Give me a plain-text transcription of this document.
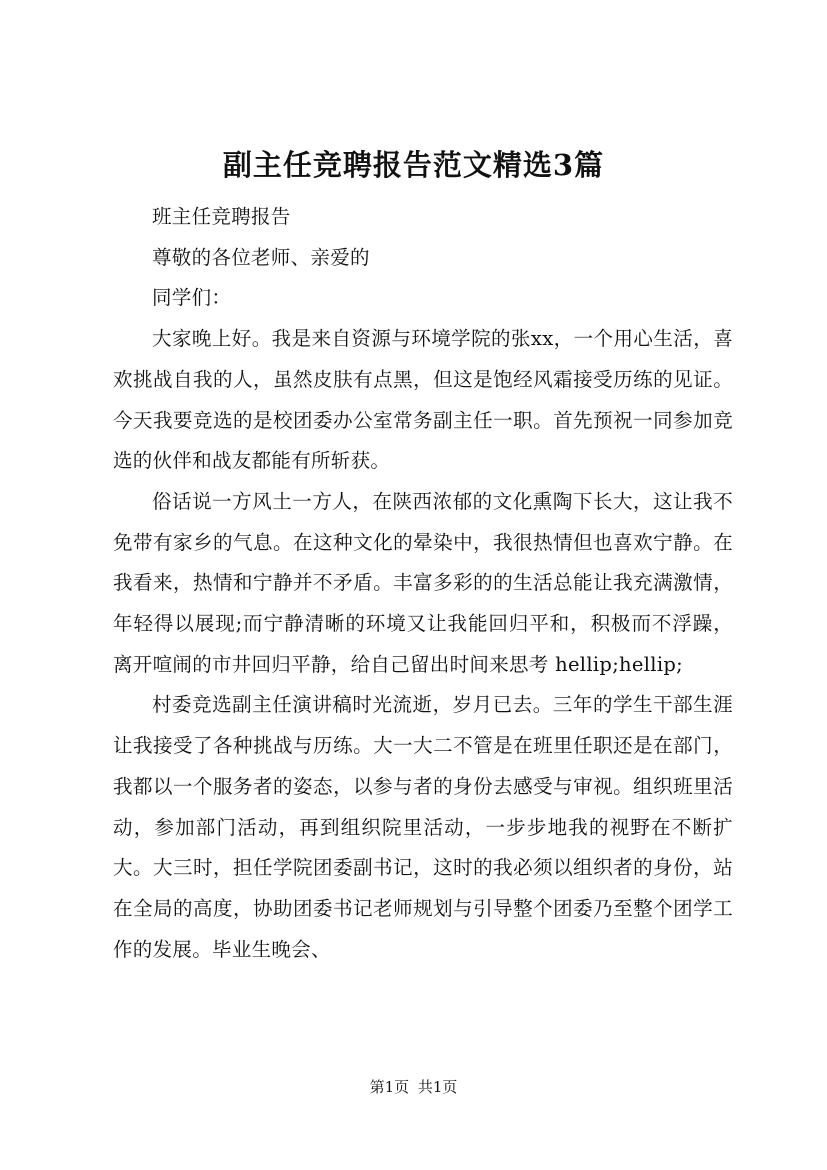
副主任竞聘报告范文精选3篇

班主任竞聘报告

尊敬的各位老师、亲爱的

同学们：

大家晚上好。我是来自资源与环境学院的张xx，一个用心生活，喜欢挑战自我的人，虽然皮肤有点黑，但这是饱经风霜接受历练的见证。今天我要竞选的是校团委办公室常务副主任一职。首先预祝一同参加竞选的伙伴和战友都能有所斩获。

俗话说一方风土一方人，在陕西浓郁的文化熏陶下长大，这让我不免带有家乡的气息。在这种文化的晕染中，我很热情但也喜欢宁静。在我看来，热情和宁静并不矛盾。丰富多彩的的生活总能让我充满激情，年轻得以展现;而宁静清晰的环境又让我能回归平和，积极而不浮躁，离开喧闹的市井回归平静，给自己留出时间来思考 hellip;hellip;

村委竞选副主任演讲稿时光流逝，岁月已去。三年的学生干部生涯让我接受了各种挑战与历练。大一大二不管是在班里任职还是在部门，我都以一个服务者的姿态，以参与者的身份去感受与审视。组织班里活动，参加部门活动，再到组织院里活动，一步步地我的视野在不断扩大。大三时，担任学院团委副书记，这时的我必须以组织者的身份，站在全局的高度，协助团委书记老师规划与引导整个团委乃至整个团学工作的发展。毕业生晚会、

第1页 共1页
